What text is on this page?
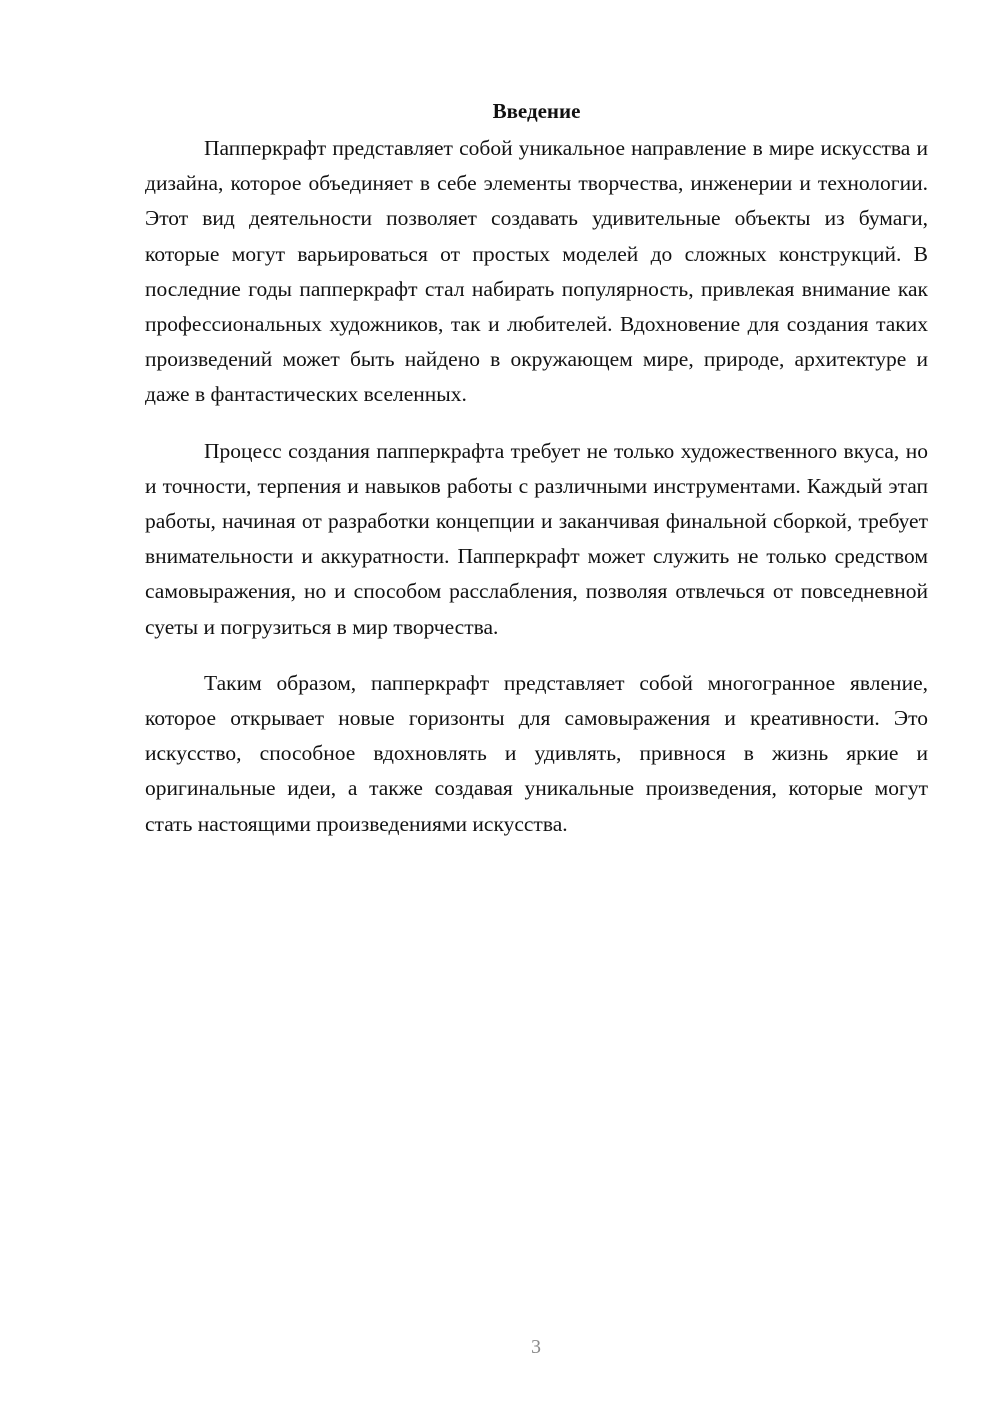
Введение

Папперкрафт представляет собой уникальное направление в мире искусства и дизайна, которое объединяет в себе элементы творчества, инженерии и технологии. Этот вид деятельности позволяет создавать удивительные объекты из бумаги, которые могут варьироваться от простых моделей до сложных конструкций. В последние годы папперкрафт стал набирать популярность, привлекая внимание как профессиональных художников, так и любителей. Вдохновение для создания таких произведений может быть найдено в окружающем мире, природе, архитектуре и даже в фантастических вселенных.

Процесс создания папперкрафта требует не только художественного вкуса, но и точности, терпения и навыков работы с различными инструментами. Каждый этап работы, начиная от разработки концепции и заканчивая финальной сборкой, требует внимательности и аккуратности. Папперкрафт может служить не только средством самовыражения, но и способом расслабления, позволяя отвлечься от повседневной суеты и погрузиться в мир творчества.

Таким образом, папперкрафт представляет собой многогранное явление, которое открывает новые горизонты для самовыражения и креативности. Это искусство, способное вдохновлять и удивлять, привнося в жизнь яркие и оригинальные идеи, а также создавая уникальные произведения, которые могут стать настоящими произведениями искусства.

3
